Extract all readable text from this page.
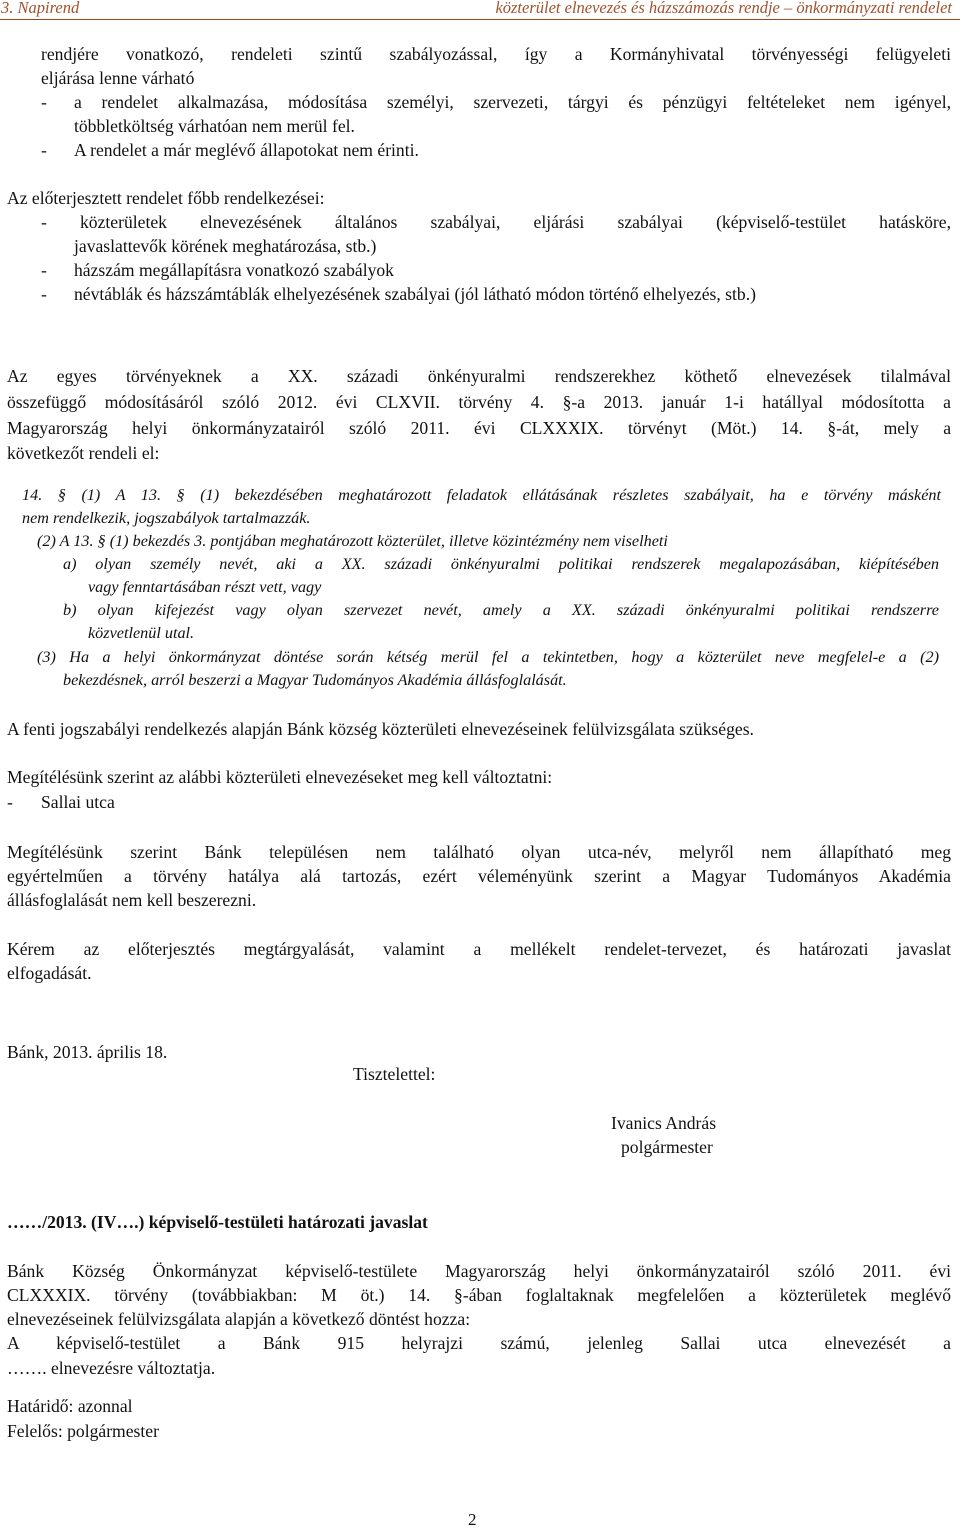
3. Napirend	közterület elnevezés és házszámozás rendje – önkormányzati rendelet
rendjére vonatkozó, rendeleti szintű szabályozással, így a Kormányhivatal törvényességi felügyeleti
eljárása lenne várható
- a rendelet alkalmazása, módosítása személyi, szervezeti, tárgyi és pénzügyi feltételeket nem igényel,
többletköltség várhatóan nem merül fel.
- A rendelet a már meglévő állapotokat nem érinti.
Az előterjesztett rendelet főbb rendelkezései:
- közterületek elnevezésének általános szabályai, eljárási szabályai (képviselő-testület hatásköre,
javaslattevők körének meghatározása, stb.)
- házszám megállapításra vonatkozó szabályok
- névtáblák és házszámtáblák elhelyezésének szabályai (jól látható módon történő elhelyezés, stb.)
Az egyes törvényeknek a XX. századi önkényuralmi rendszerekhez köthető elnevezések tilalmával
összefüggő módosításáról szóló 2012. évi CLXVII. törvény 4. §-a 2013. január 1-i hatállyal módosította a
Magyarország helyi önkormányzatairól szóló 2011. évi CLXXXIX. törvényt (Möt.) 14. §-át, mely a
következőt rendeli el:
14. § (1) A 13. § (1) bekezdésében meghatározott feladatok ellátásának részletes szabályait, ha e törvény másként
nem rendelkezik, jogszabályok tartalmazzák.
(2) A 13. § (1) bekezdés 3. pontjában meghatározott közterület, illetve közintézmény nem viselheti
a) olyan személy nevét, aki a XX. századi önkényuralmi politikai rendszerek megalapozásában, kiépítésében
vagy fenntartásában részt vett, vagy
b) olyan kifejezést vagy olyan szervezet nevét, amely a XX. századi önkényuralmi politikai rendszerre
közvetlenül utal.
(3) Ha a helyi önkormányzat döntése során kétség merül fel a tekintetben, hogy a közterület neve megfelel-e a (2)
bekezdésnek, arról beszerzi a Magyar Tudományos Akadémia állásfoglalását.
A fenti jogszabályi rendelkezés alapján Bánk község közterületi elnevezéseinek felülvizsgálata szükséges.
Megítélésünk szerint az alábbi közterületi elnevezéseket meg kell változtatni:
- Sallai utca
Megítélésünk szerint Bánk településen nem található olyan utca-név, melyről nem állapítható meg
egyértelműen a törvény hatálya alá tartozás, ezért véleményünk szerint a Magyar Tudományos Akadémia
állásfoglalását nem kell beszerezni.
Kérem az előterjesztés megtárgyalását, valamint a mellékelt rendelet-tervezet, és határozati javaslat
elfogadását.
Bánk, 2013. április 18.
Tisztelettel:
Ivanics András
polgármester
……/2013. (IV….) képviselő-testületi határozati javaslat
Bánk Község Önkormányzat képviselő-testülete Magyarország helyi önkormányzatairól szóló 2011. évi
CLXXXIX. törvény (továbbiakban: M öt.) 14. §-ában foglaltaknak megfelelően a közterületek meglévő
elnevezéseinek felülvizsgálata alapján a következő döntést hozza:
A képviselő-testület a Bánk 915 helyrajzi számú, jelenleg Sallai utca elnevezését a
……. elnevezésre változtatja.
Határidő: azonnal
Felelős: polgármester
2
